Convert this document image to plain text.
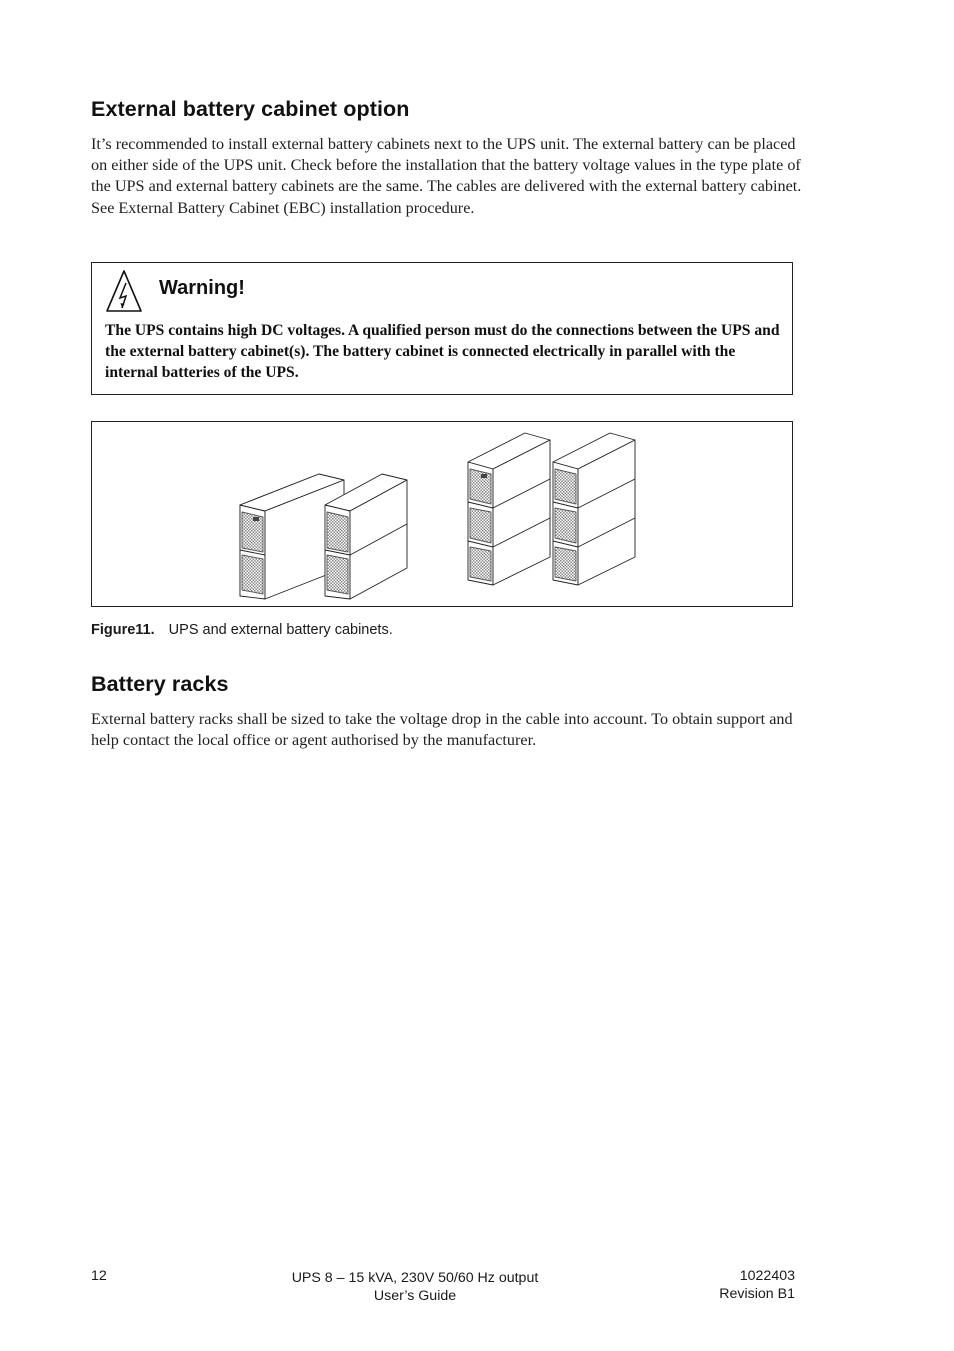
External battery cabinet option

It’s recommended to install external battery cabinets next to the UPS unit. The external battery can be placed on either side of the UPS unit. Check before the installation that the battery voltage values in the type plate of the UPS and external battery cabinets are the same. The cables are delivered with the external battery cabinet. See External Battery Cabinet (EBC) installation procedure.

Warning!

The UPS contains high DC voltages. A qualified person must do the connections between the UPS and the external battery cabinet(s). The battery cabinet is connected electrically in parallel with the internal batteries of the UPS.

Figure11. UPS and external battery cabinets.

Battery racks

External battery racks shall be sized to take the voltage drop in the cable into account. To obtain support and help contact the local office or agent authorised by the manufacturer.

12	UPS 8 – 15 kVA, 230V 50/60 Hz output
User’s Guide
1022403
Revision B1
